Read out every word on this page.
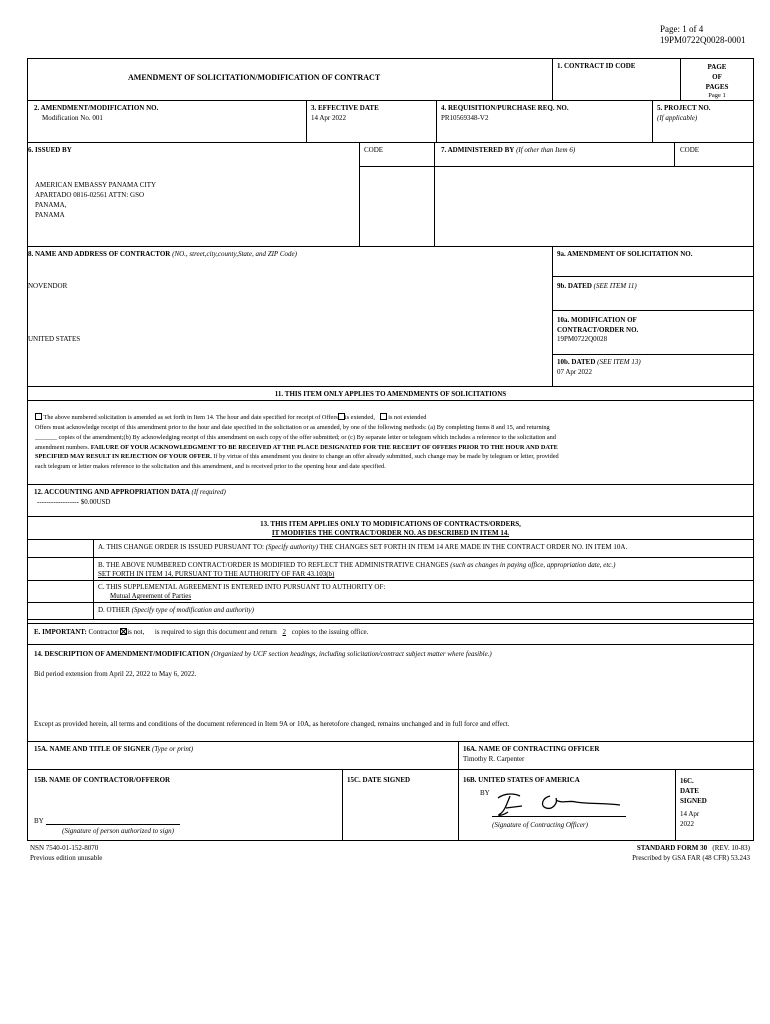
Page: 1 of 4
19PM0722Q0028-0001
AMENDMENT OF SOLICITATION/MODIFICATION OF CONTRACT
1. CONTRACT ID CODE	PAGE
OF
PAGES
Page 1
2. AMENDMENT/MODIFICATION NO.
Modification No. 001
3. EFFECTIVE DATE
14 Apr 2022
4. REQUISITION/PURCHASE REQ. NO.
PR10569348-V2
5. PROJECT NO.
(If applicable)
6. ISSUED BY	CODE	7. ADMINISTERED BY (If other than Item 6)	CODE
AMERICAN EMBASSY PANAMA CITY
APARTADO 0816-02561 ATTN: GSO
PANAMA,
PANAMA
8. NAME AND ADDRESS OF CONTRACTOR (NO., street,city,county,State, and ZIP Code)
NOVENDOR
UNITED STATES
9a. AMENDMENT OF SOLICITATION NO.
9b. DATED (SEE ITEM 11)
10a. MODIFICATION OF CONTRACT/ORDER NO.
19PM0722Q0028
10b. DATED (SEE ITEM 13)
07 Apr 2022
11. THIS ITEM ONLY APPLIES TO AMENDMENTS OF SOLICITATIONS
The above numbered solicitation is amended as set forth in Item 14. The hour and date specified for receipt of Offers is extended, is not extended
Offers must acknowledge receipt of this amendment prior to the hour and date specified in the solicitation or as amended, by one of the following methods: (a) By completing Items 8 and 15, and returning
_______ copies of the amendment;(b) By acknowledging receipt of this amendment on each copy of the offer submitted; or (c) By separate letter or telegram which includes a reference to the solicitation and
amendment numbers. FAILURE OF YOUR ACKNOWLEDGMENT TO BE RECEIVED AT THE PLACE DESIGNATED FOR THE RECEIPT OF OFFERS PRIOR TO THE HOUR AND DATE
SPECIFIED MAY RESULT IN REJECTION OF YOUR OFFER. If by virtue of this amendment you desire to change an offer already submitted, such change may be made by telegram or letter, provided
each telegram or letter makes reference to the solicitation and this amendment, and is received prior to the opening hour and date specified.
12. ACCOUNTING AND APPROPRIATION DATA (If required)
------------------ $0.00USD
13. THIS ITEM APPLIES ONLY TO MODIFICATIONS OF CONTRACTS/ORDERS,
IT MODIFIES THE CONTRACT/ORDER NO. AS DESCRIBED IN ITEM 14.
A. THIS CHANGE ORDER IS ISSUED PURSUANT TO: (Specify authority) THE CHANGES SET FORTH IN ITEM 14 ARE MADE IN THE CONTRACT ORDER NO. IN ITEM 10A.
B. THE ABOVE NUMBERED CONTRACT/ORDER IS MODIFIED TO REFLECT THE ADMINISTRATIVE CHANGES (such as changes in paying office, appropriation date, etc.)
SET FORTH IN ITEM 14, PURSUANT TO THE AUTHORITY OF FAR 43.103(b)
C. THIS SUPPLEMENTAL AGREEMENT IS ENTERED INTO PURSUANT TO AUTHORITY OF:
Mutual Agreement of Parties
D. OTHER (Specify type of modification and authority)
E. IMPORTANT: Contractor is not, is required to sign this document and return 2 copies to the issuing office.
14. DESCRIPTION OF AMENDMENT/MODIFICATION (Organized by UCF section headings, including solicitation/contract subject matter where feasible.)
Bid period extension from April 22, 2022 to May 6, 2022.
Except as provided herein, all terms and conditions of the document referenced in Item 9A or 10A, as heretofore changed, remains unchanged and in full force and effect.
15A. NAME AND TITLE OF SIGNER (Type or print)	16A. NAME OF CONTRACTING OFFICER
Timothy R. Carpenter
15B. NAME OF CONTRACTOR/OFFEROR
BY
(Signature of person authorized to sign)
15C. DATE SIGNED	16B. UNITED STATES OF AMERICA
BY
(Signature of Contracting Officer)
16C.
DATE
SIGNED
14 Apr
2022
NSN 7540-01-152-8070
Previous edition unusable
STANDARD FORM 30 (REV. 10-83)
Prescribed by GSA FAR (48 CFR) 53.243
